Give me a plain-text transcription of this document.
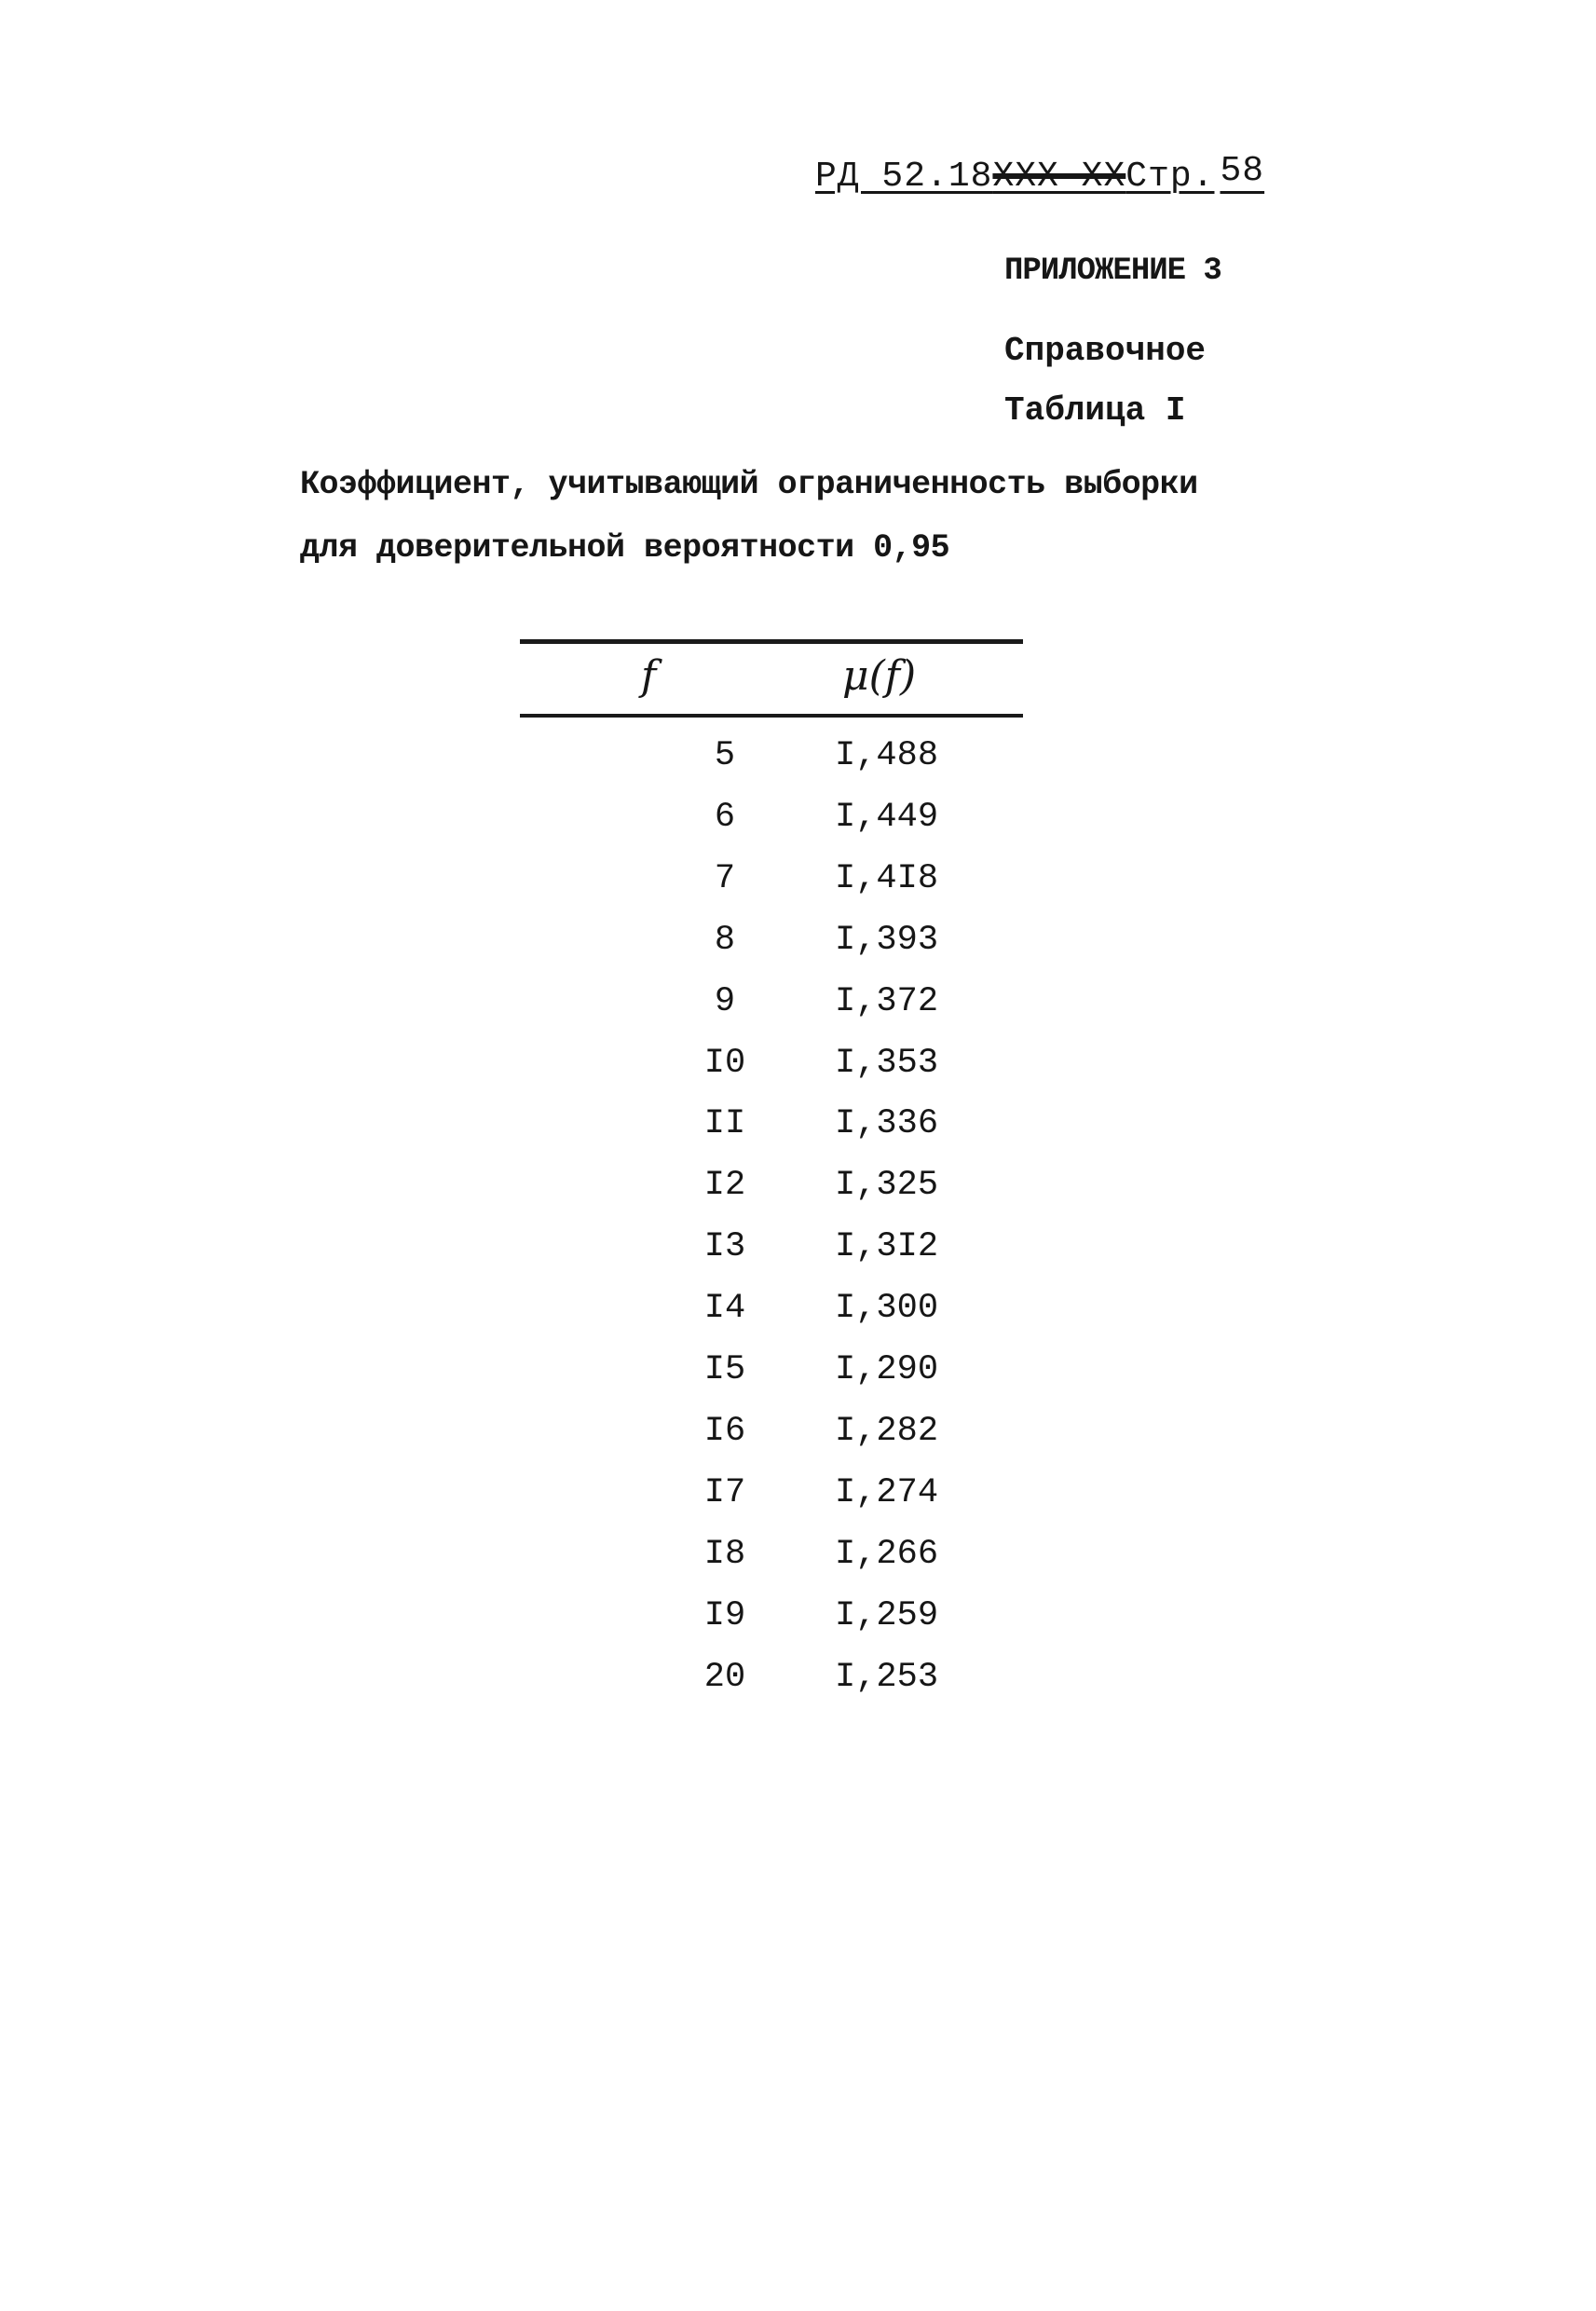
РД 52.18ХХХ-ХХСтр. 58
ПРИЛОЖЕНИЕ 3
Справочное
Таблица I
Коэффициент, учитывающий ограниченность выборки
для доверительной вероятности 0,95
f	μ(f)
5	I,488
6	I,449
7	I,4I8
8	I,393
9	I,372
I0	I,353
II	I,336
I2	I,325
I3	I,3I2
I4	I,300
I5	I,290
I6	I,282
I7	I,274
I8	I,266
I9	I,259
20	I,253
